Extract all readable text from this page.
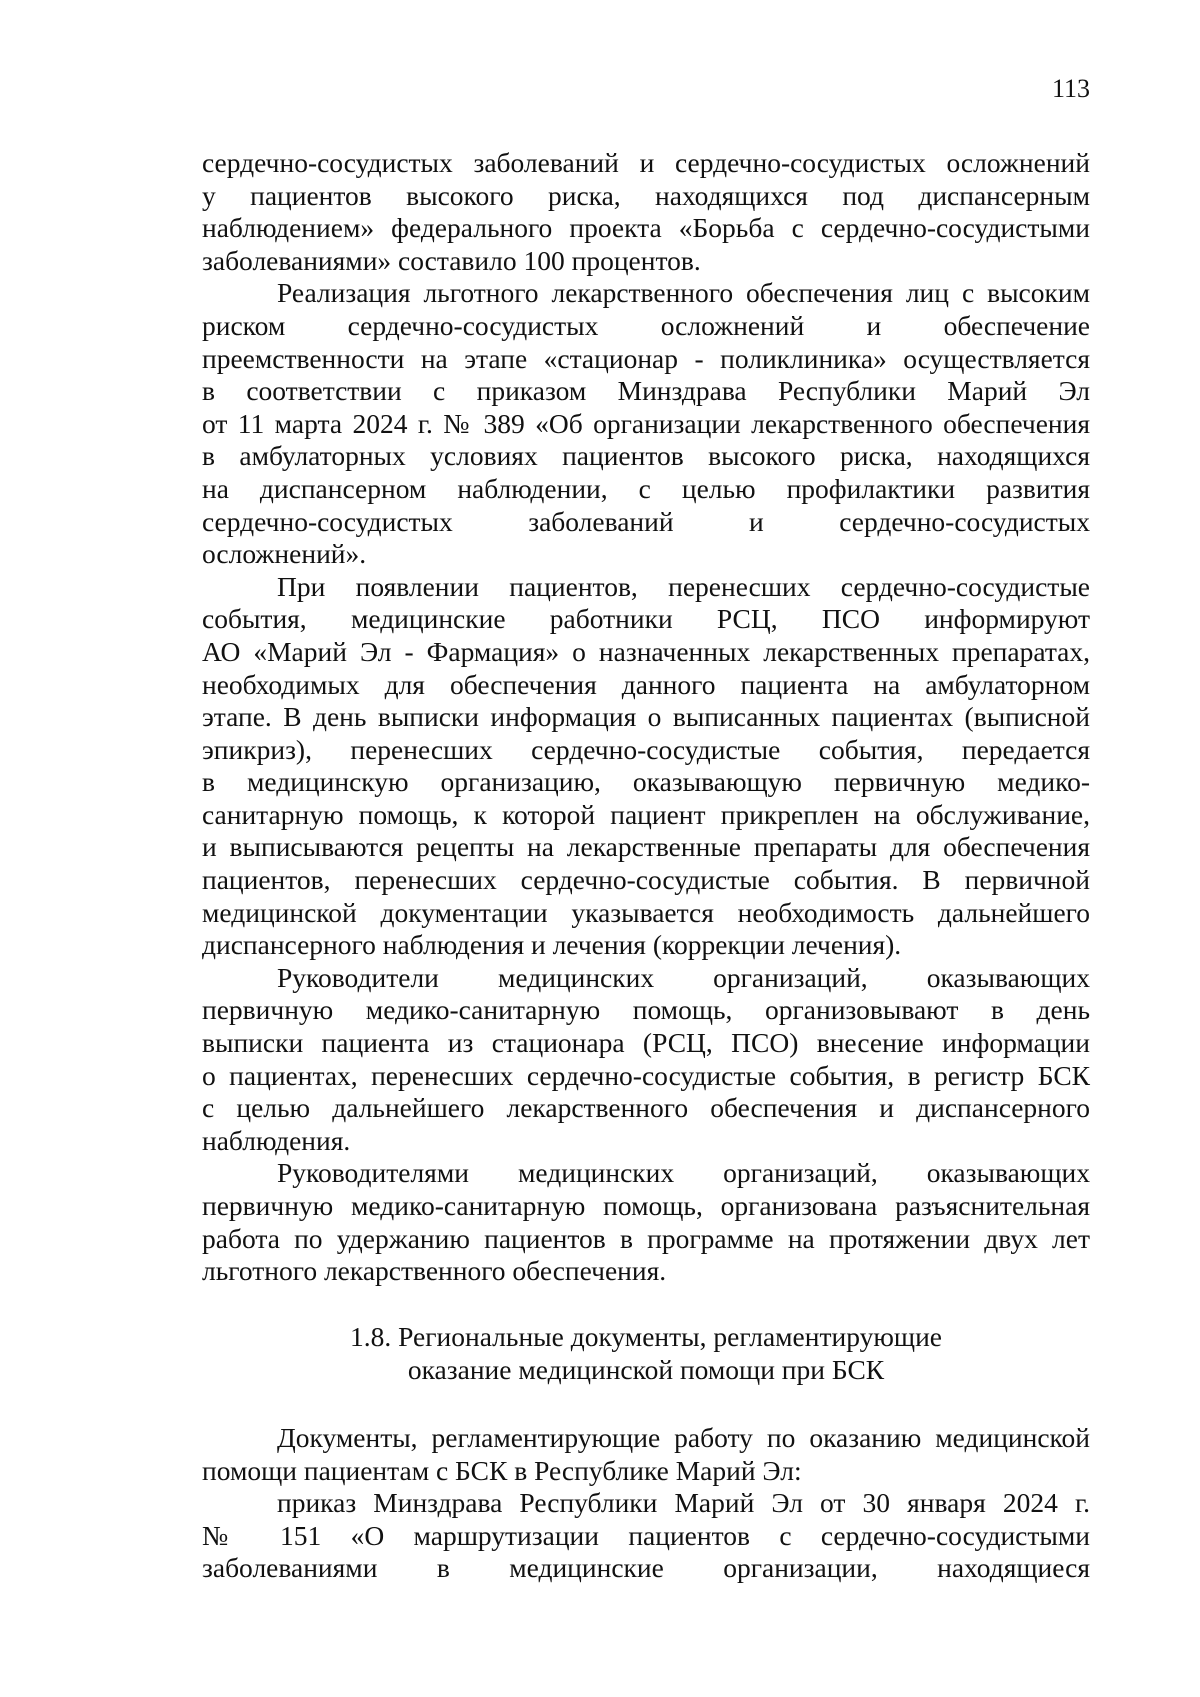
113

сердечно-сосудистых заболеваний и сердечно-сосудистых осложнений
у пациентов высокого риска, находящихся под диспансерным
наблюдением» федерального проекта «Борьба с сердечно-сосудистыми
заболеваниями» составило 100 процентов.

Реализация льготного лекарственного обеспечения лиц с высоким
риском сердечно-сосудистых осложнений и обеспечение
преемственности на этапе «стационар - поликлиника» осуществляется
в соответствии с приказом Минздрава Республики Марий Эл
от 11 марта 2024 г. № 389 «Об организации лекарственного обеспечения
в амбулаторных условиях пациентов высокого риска, находящихся
на диспансерном наблюдении, с целью профилактики развития
сердечно-сосудистых заболеваний и сердечно-сосудистых
осложнений».

При появлении пациентов, перенесших сердечно-сосудистые
события, медицинские работники РСЦ, ПСО информируют
АО «Марий Эл - Фармация» о назначенных лекарственных препаратах,
необходимых для обеспечения данного пациента на амбулаторном
этапе. В день выписки информация о выписанных пациентах (выписной
эпикриз), перенесших сердечно-сосудистые события, передается
в медицинскую организацию, оказывающую первичную медико-
санитарную помощь, к которой пациент прикреплен на обслуживание,
и выписываются рецепты на лекарственные препараты для обеспечения
пациентов, перенесших сердечно-сосудистые события. В первичной
медицинской документации указывается необходимость дальнейшего
диспансерного наблюдения и лечения (коррекции лечения).

Руководители медицинских организаций, оказывающих
первичную медико-санитарную помощь, организовывают в день
выписки пациента из стационара (РСЦ, ПСО) внесение информации
о пациентах, перенесших сердечно-сосудистые события, в регистр БСК
с целью дальнейшего лекарственного обеспечения и диспансерного
наблюдения.

Руководителями медицинских организаций, оказывающих
первичную медико-санитарную помощь, организована разъяснительная
работа по удержанию пациентов в программе на протяжении двух лет
льготного лекарственного обеспечения.

1.8. Региональные документы, регламентирующие
оказание медицинской помощи при БСК

Документы, регламентирующие работу по оказанию медицинской
помощи пациентам с БСК в Республике Марий Эл:

приказ Минздрава Республики Марий Эл от 30 января 2024 г.
№ 151 «О маршрутизации пациентов с сердечно-сосудистыми
заболеваниями в медицинские организации, находящиеся
